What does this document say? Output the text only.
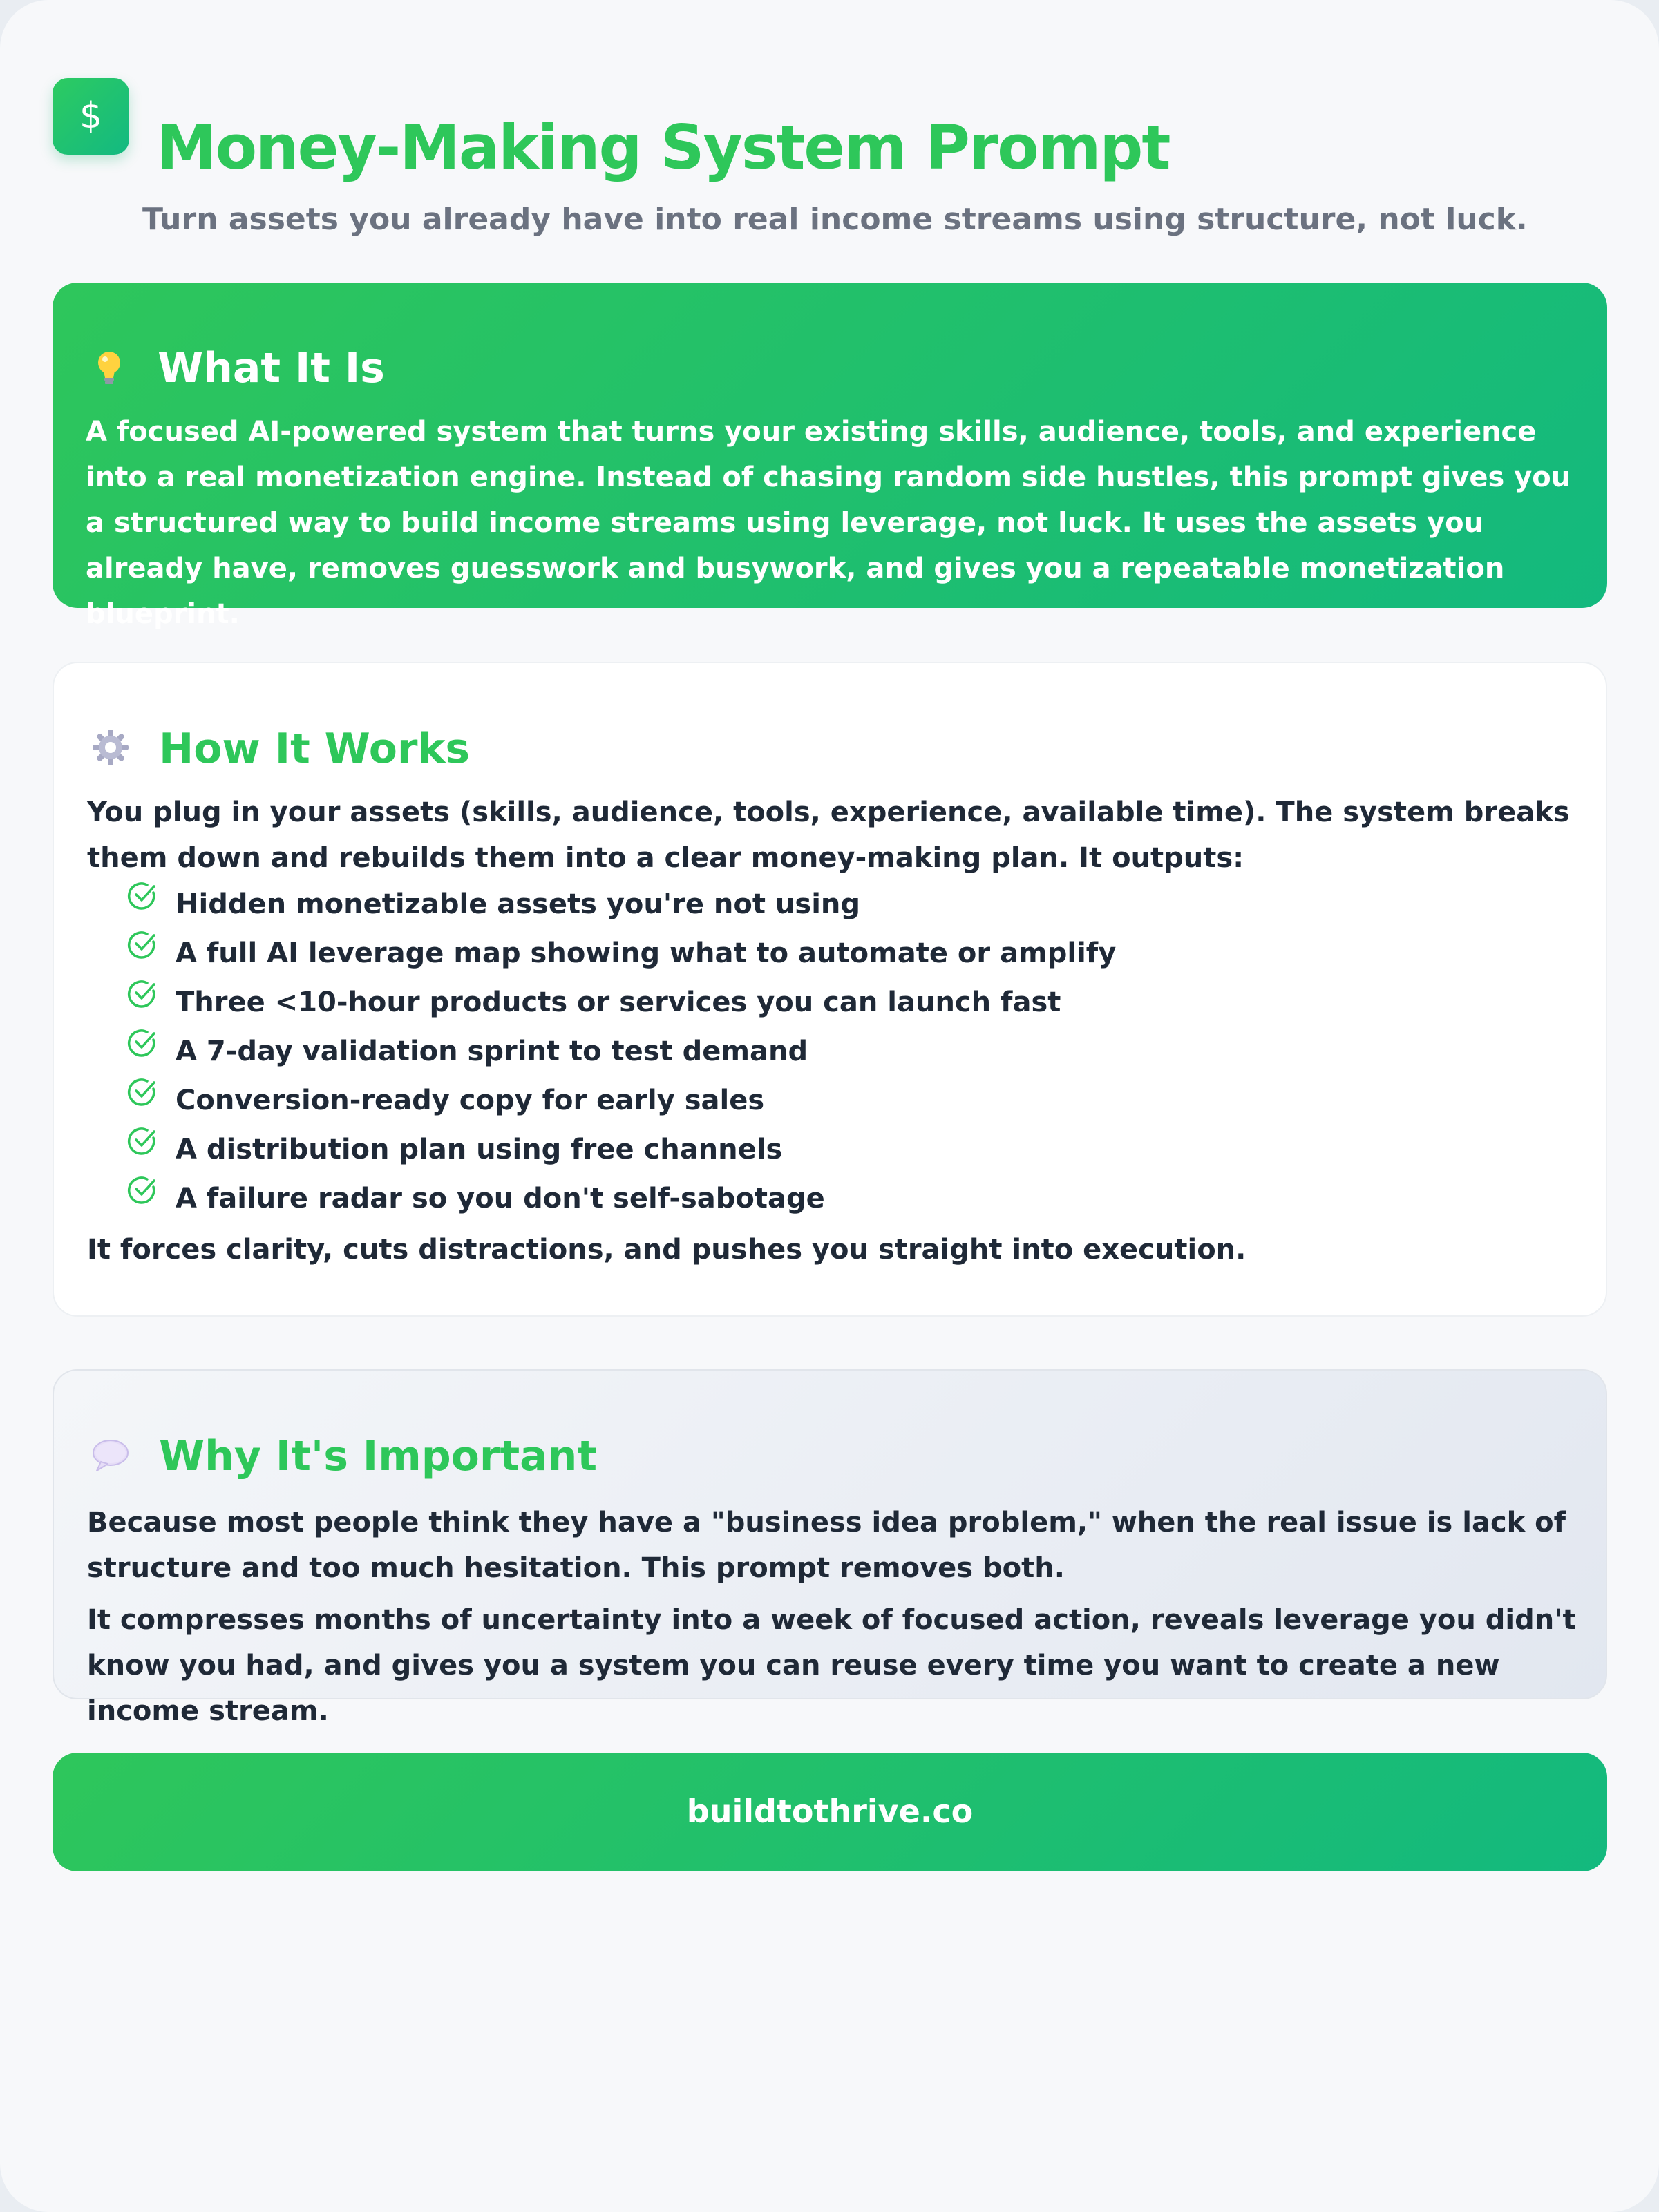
$ Money-Making System Prompt

Turn assets you already have into real income streams using structure, not luck.

What It Is

A focused AI-powered system that turns your existing skills, audience, tools, and experience into a real monetization engine. Instead of chasing random side hustles, this prompt gives you a structured way to build income streams using leverage, not luck. It uses the assets you already have, removes guesswork and busywork, and gives you a repeatable monetization blueprint.

How It Works

You plug in your assets (skills, audience, tools, experience, available time). The system breaks them down and rebuilds them into a clear money-making plan. It outputs:

Hidden monetizable assets you're not using
A full AI leverage map showing what to automate or amplify
Three <10-hour products or services you can launch fast
A 7-day validation sprint to test demand
Conversion-ready copy for early sales
A distribution plan using free channels
A failure radar so you don't self-sabotage

It forces clarity, cuts distractions, and pushes you straight into execution.

Why It's Important

Because most people think they have a "business idea problem," when the real issue is lack of structure and too much hesitation. This prompt removes both.

It compresses months of uncertainty into a week of focused action, reveals leverage you didn't know you had, and gives you a system you can reuse every time you want to create a new income stream.

buildtothrive.co
